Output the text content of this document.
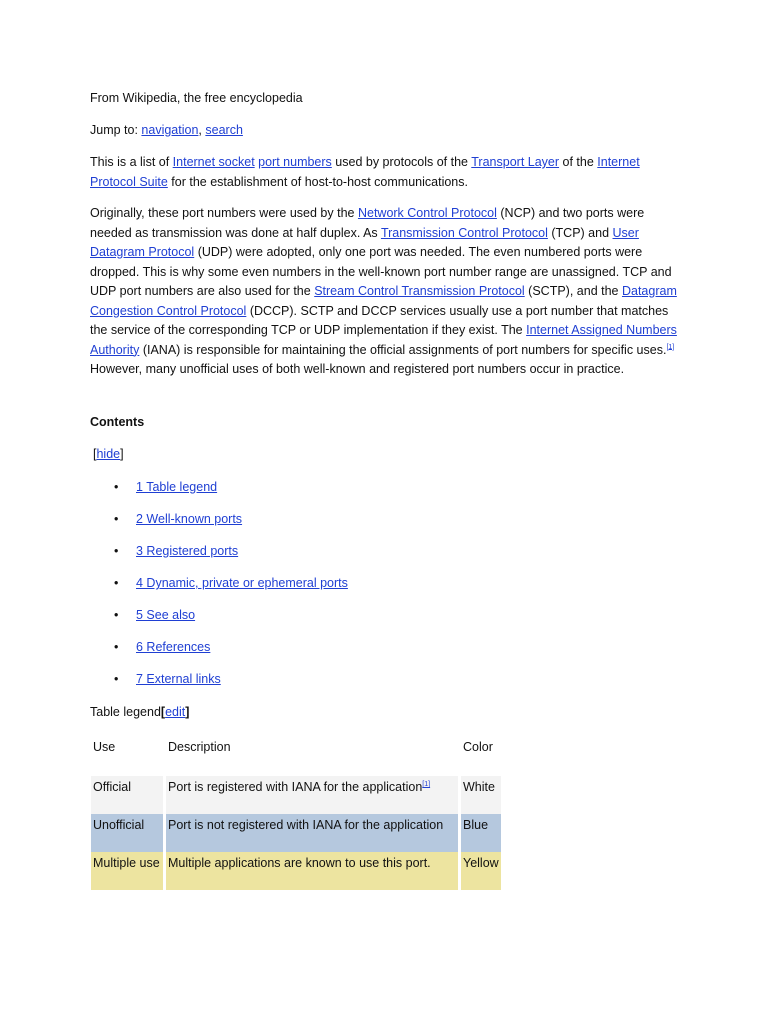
From Wikipedia, the free encyclopedia

Jump to: navigation, search

This is a list of Internet socket port numbers used by protocols of the Transport Layer of the Internet Protocol Suite for the establishment of host-to-host communications.

Originally, these port numbers were used by the Network Control Protocol (NCP) and two ports were needed as transmission was done at half duplex. As Transmission Control Protocol (TCP) and User Datagram Protocol (UDP) were adopted, only one port was needed. The even numbered ports were dropped. This is why some even numbers in the well-known port number range are unassigned. TCP and UDP port numbers are also used for the Stream Control Transmission Protocol (SCTP), and the Datagram Congestion Control Protocol (DCCP). SCTP and DCCP services usually use a port number that matches the service of the corresponding TCP or UDP implementation if they exist. The Internet Assigned Numbers Authority (IANA) is responsible for maintaining the official assignments of port numbers for specific uses.[1] However, many unofficial uses of both well-known and registered port numbers occur in practice.

Contents

[hide]

• 1 Table legend
• 2 Well-known ports
• 3 Registered ports
• 4 Dynamic, private or ephemeral ports
• 5 See also
• 6 References
• 7 External links

Table legend[edit]

Use	Description	Color
Official	Port is registered with IANA for the application[1]	White
Unofficial	Port is not registered with IANA for the application	Blue
Multiple use	Multiple applications are known to use this port.	Yellow
